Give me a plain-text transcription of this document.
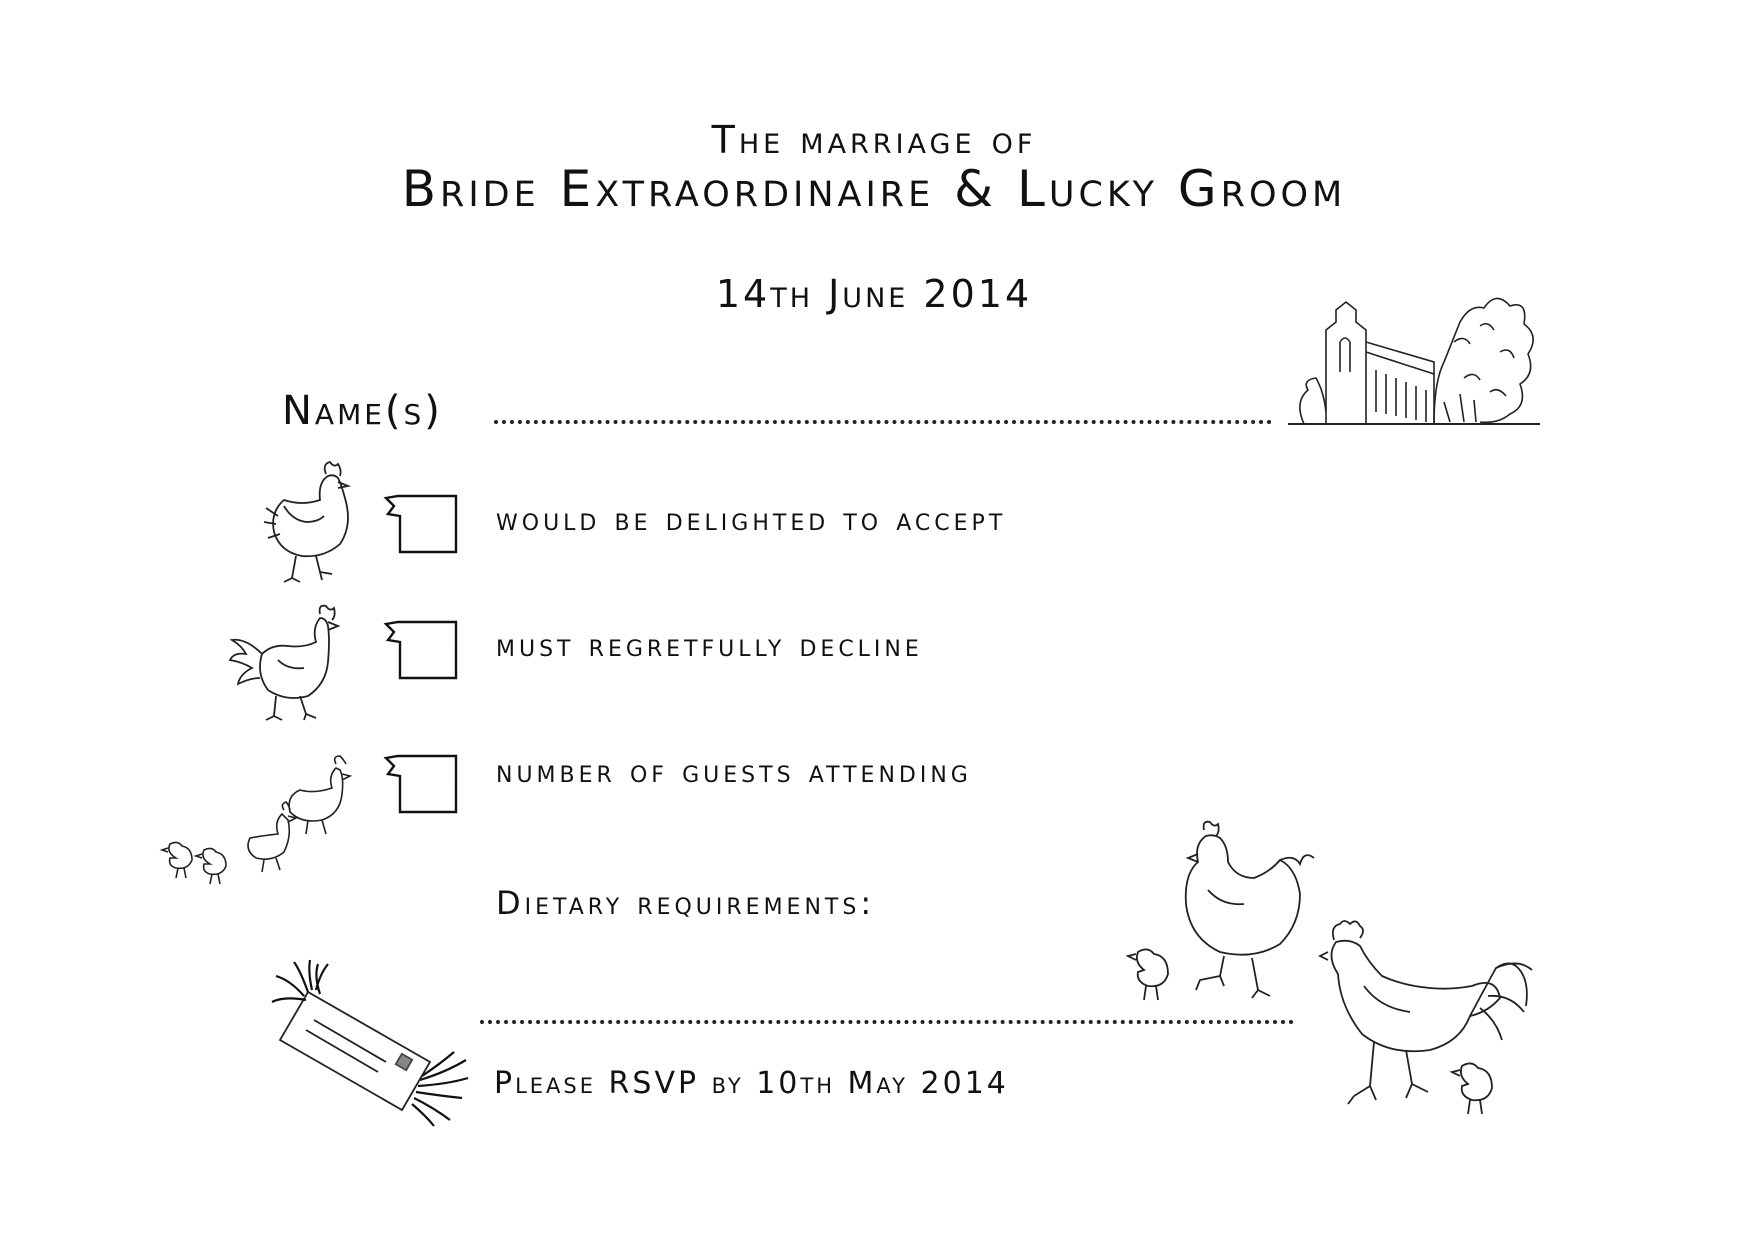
The marriage of
Bride Extraordinaire & Lucky Groom
14th June 2014
Name(s)
would be delighted to accept
must regretfully decline
number of guests attending
Dietary requirements:
Please RSVP by 10th May 2014
